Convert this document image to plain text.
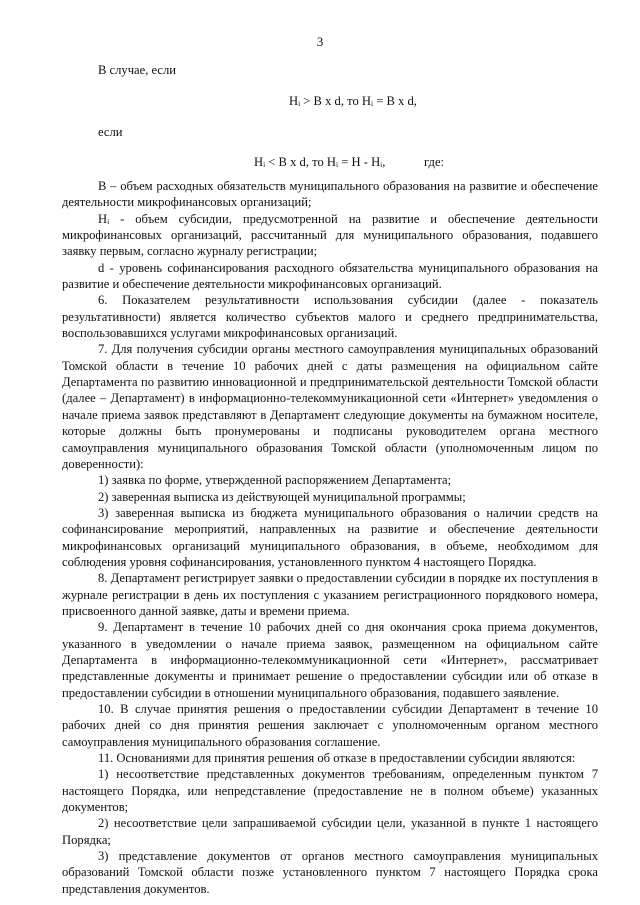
3
В случае, если
Hᵢ > B x d, то Hᵢ = B x d,
если
Hᵢ < B x d, то Hᵢ = H - Hᵢ,	где:

B – объем расходных обязательств муниципального образования на развитие и обеспечение деятельности микрофинансовых организаций;

Hᵢ - объем субсидии, предусмотренной на развитие и обеспечение деятельности микрофинансовых организаций, рассчитанный для муниципального образования, подавшего заявку первым, согласно журналу регистрации;

d - уровень софинансирования расходного обязательства муниципального образования на развитие и обеспечение деятельности микрофинансовых организаций.

6. Показателем результативности использования субсидии (далее - показатель результативности) является количество субъектов малого и среднего предпринимательства, воспользовавшихся услугами микрофинансовых организаций.

7. Для получения субсидии органы местного самоуправления муниципальных образований Томской области в течение 10 рабочих дней с даты размещения на официальном сайте Департамента по развитию инновационной и предпринимательской деятельности Томской области (далее – Департамент) в информационно-телекоммуникационной сети «Интернет» уведомления о начале приема заявок представляют в Департамент следующие документы на бумажном носителе, которые должны быть пронумерованы и подписаны руководителем органа местного самоуправления муниципального образования Томской области (уполномоченным лицом по доверенности):

1) заявка по форме, утвержденной распоряжением Департамента;

2) заверенная выписка из действующей муниципальной программы;

3) заверенная выписка из бюджета муниципального образования о наличии средств на софинансирование мероприятий, направленных на развитие и обеспечение деятельности микрофинансовых организаций муниципального образования, в объеме, необходимом для соблюдения уровня софинансирования, установленного пунктом 4 настоящего Порядка.

8. Департамент регистрирует заявки о предоставлении субсидии в порядке их поступления в журнале регистрации в день их поступления с указанием регистрационного порядкового номера, присвоенного данной заявке, даты и времени приема.

9. Департамент в течение 10 рабочих дней со дня окончания срока приема документов, указанного в уведомлении о начале приема заявок, размещенном на официальном сайте Департамента в информационно-телекоммуникационной сети «Интернет», рассматривает представленные документы и принимает решение о предоставлении субсидии или об отказе в предоставлении субсидии в отношении муниципального образования, подавшего заявление.

10. В случае принятия решения о предоставлении субсидии Департамент в течение 10 рабочих дней со дня принятия решения заключает с уполномоченным органом местного самоуправления муниципального образования соглашение.

11. Основаниями для принятия решения об отказе в предоставлении субсидии являются:

1) несоответствие представленных документов требованиям, определенным пунктом 7 настоящего Порядка, или непредставление (предоставление не в полном объеме) указанных документов;

2) несоответствие цели запрашиваемой субсидии цели, указанной в пункте 1 настоящего Порядка;

3) представление документов от органов местного самоуправления муниципальных образований Томской области позже установленного пунктом 7 настоящего Порядка срока представления документов.
